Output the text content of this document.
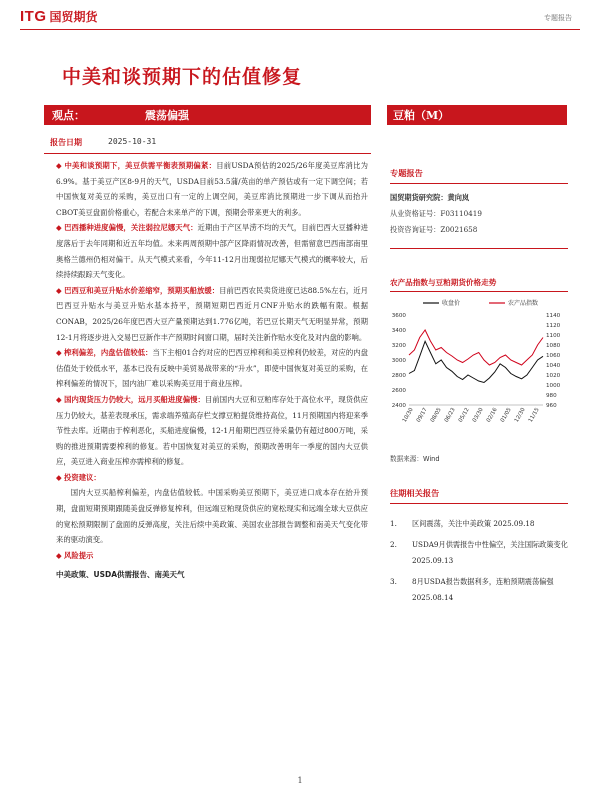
ITG 国贸期货	专题报告
中美和谈预期下的估值修复
观点：	震荡偏强	豆粕（M）
报告日期	2025-10-31

◆ 中美和谈预期下，美豆供需平衡表预期偏紧：目前USDA预估的2025/26年度美豆库消比为6.9%。基于美豆产区8-9月的天气，USDA目前53.5蒲/英亩的单产预估或有一定下调空间；若中国恢复对美豆的采购，美豆出口有一定的上调空间，美豆库消比预期进一步下调从而抬升CBOT美豆盘面价格重心，若配合未来单产的下调，预期会带来更大的利多。

◆ 巴西播种进度偏慢，关注弱拉尼娜天气：近期由于产区旱涝不均的天气，目前巴西大豆播种进度落后于去年同期和近五年均值。未来两周预期中部产区降雨情况改善，但需留意巴西南部南里奥格兰德州仍相对偏干。从天气模式来看，今年11-12月出现弱拉尼娜天气模式的概率较大，后续持续跟踪天气变化。

◆ 巴西豆和美豆升贴水价差缩窄，预期买船放缓：目前巴西农民卖货进度已达88.5%左右，近月巴西豆升贴水与美豆升贴水基本持平，预期短期巴西近月CNF升贴水的跌幅有限。根据CONAB，2025/26年度巴西大豆产量预期达到1.776亿吨，若巴豆长期天气无明显异常，预期12-1月将逐步进入交易巴豆新作丰产预期时间窗口期，届时关注新作贴水变化及对内盘的影响。

◆ 榨利偏差，内盘估值较低：当下主相01合约对应的巴西豆榨利和美豆榨利仍较差，对应的内盘估值处于较低水平，基本已没有反映中美贸易战带来的“升水”，即使中国恢复对美豆的采购，在榨利偏差的情况下，国内油厂难以采购美豆用于商业压榨。

◆ 国内现货压力仍较大，远月买船进度偏慢：目前国内大豆和豆粕库存处于高位水平，现货供应压力仍较大，基差表现承压，需求端养殖高存栏支撑豆粕提货维持高位，11月预期国内将迎来季节性去库。近期由于榨利恶化，买船进度偏慢，12-1月船期巴西豆待采量仍有超过800万吨，采购的推进预期需要榨利的修复。若中国恢复对美豆的采购，预期改善明年一季度的国内大豆供应，美豆进入商业压榨亦需榨利的修复。

◆ 投资建议：

国内大豆买船榨利偏差，内盘估值较低。中国采购美豆预期下，美豆进口成本存在抬升预期，盘面短期预期跟随美盘反弹修复榨利，但远端豆粕现货供应的宽松现实和远端全球大豆供应的宽松预期限制了盘面的反弹高度，关注后续中美政策、美国农业部报告调整和南美天气变化带来的驱动演变。

◆ 风险提示

中美政策、USDA供需报告、南美天气

专题报告
国贸期货研究院：黄向岚
从业资格证号：F03110419
投资咨询证号：Z0021658
农产品指数与豆粕期货价格走势
收盘价	农产品指数
2400
2600
2800
3000
3200
3400
3600
960
980
1000
1020
1040
1060
1080
1100
1120
1140
10/30 09/17 08/05 06/23 05/12 03/30 02/16 01/05 12/30 11/15
数据来源：Wind
往期相关报告
1.	区间震荡，关注中美政策 2025.09.18
2.	USDA9月供需报告中性偏空，关注国际政策变化 2025.09.13
3.	8月USDA报告数据利多，连粕预期震荡偏强 2025.08.14
1
